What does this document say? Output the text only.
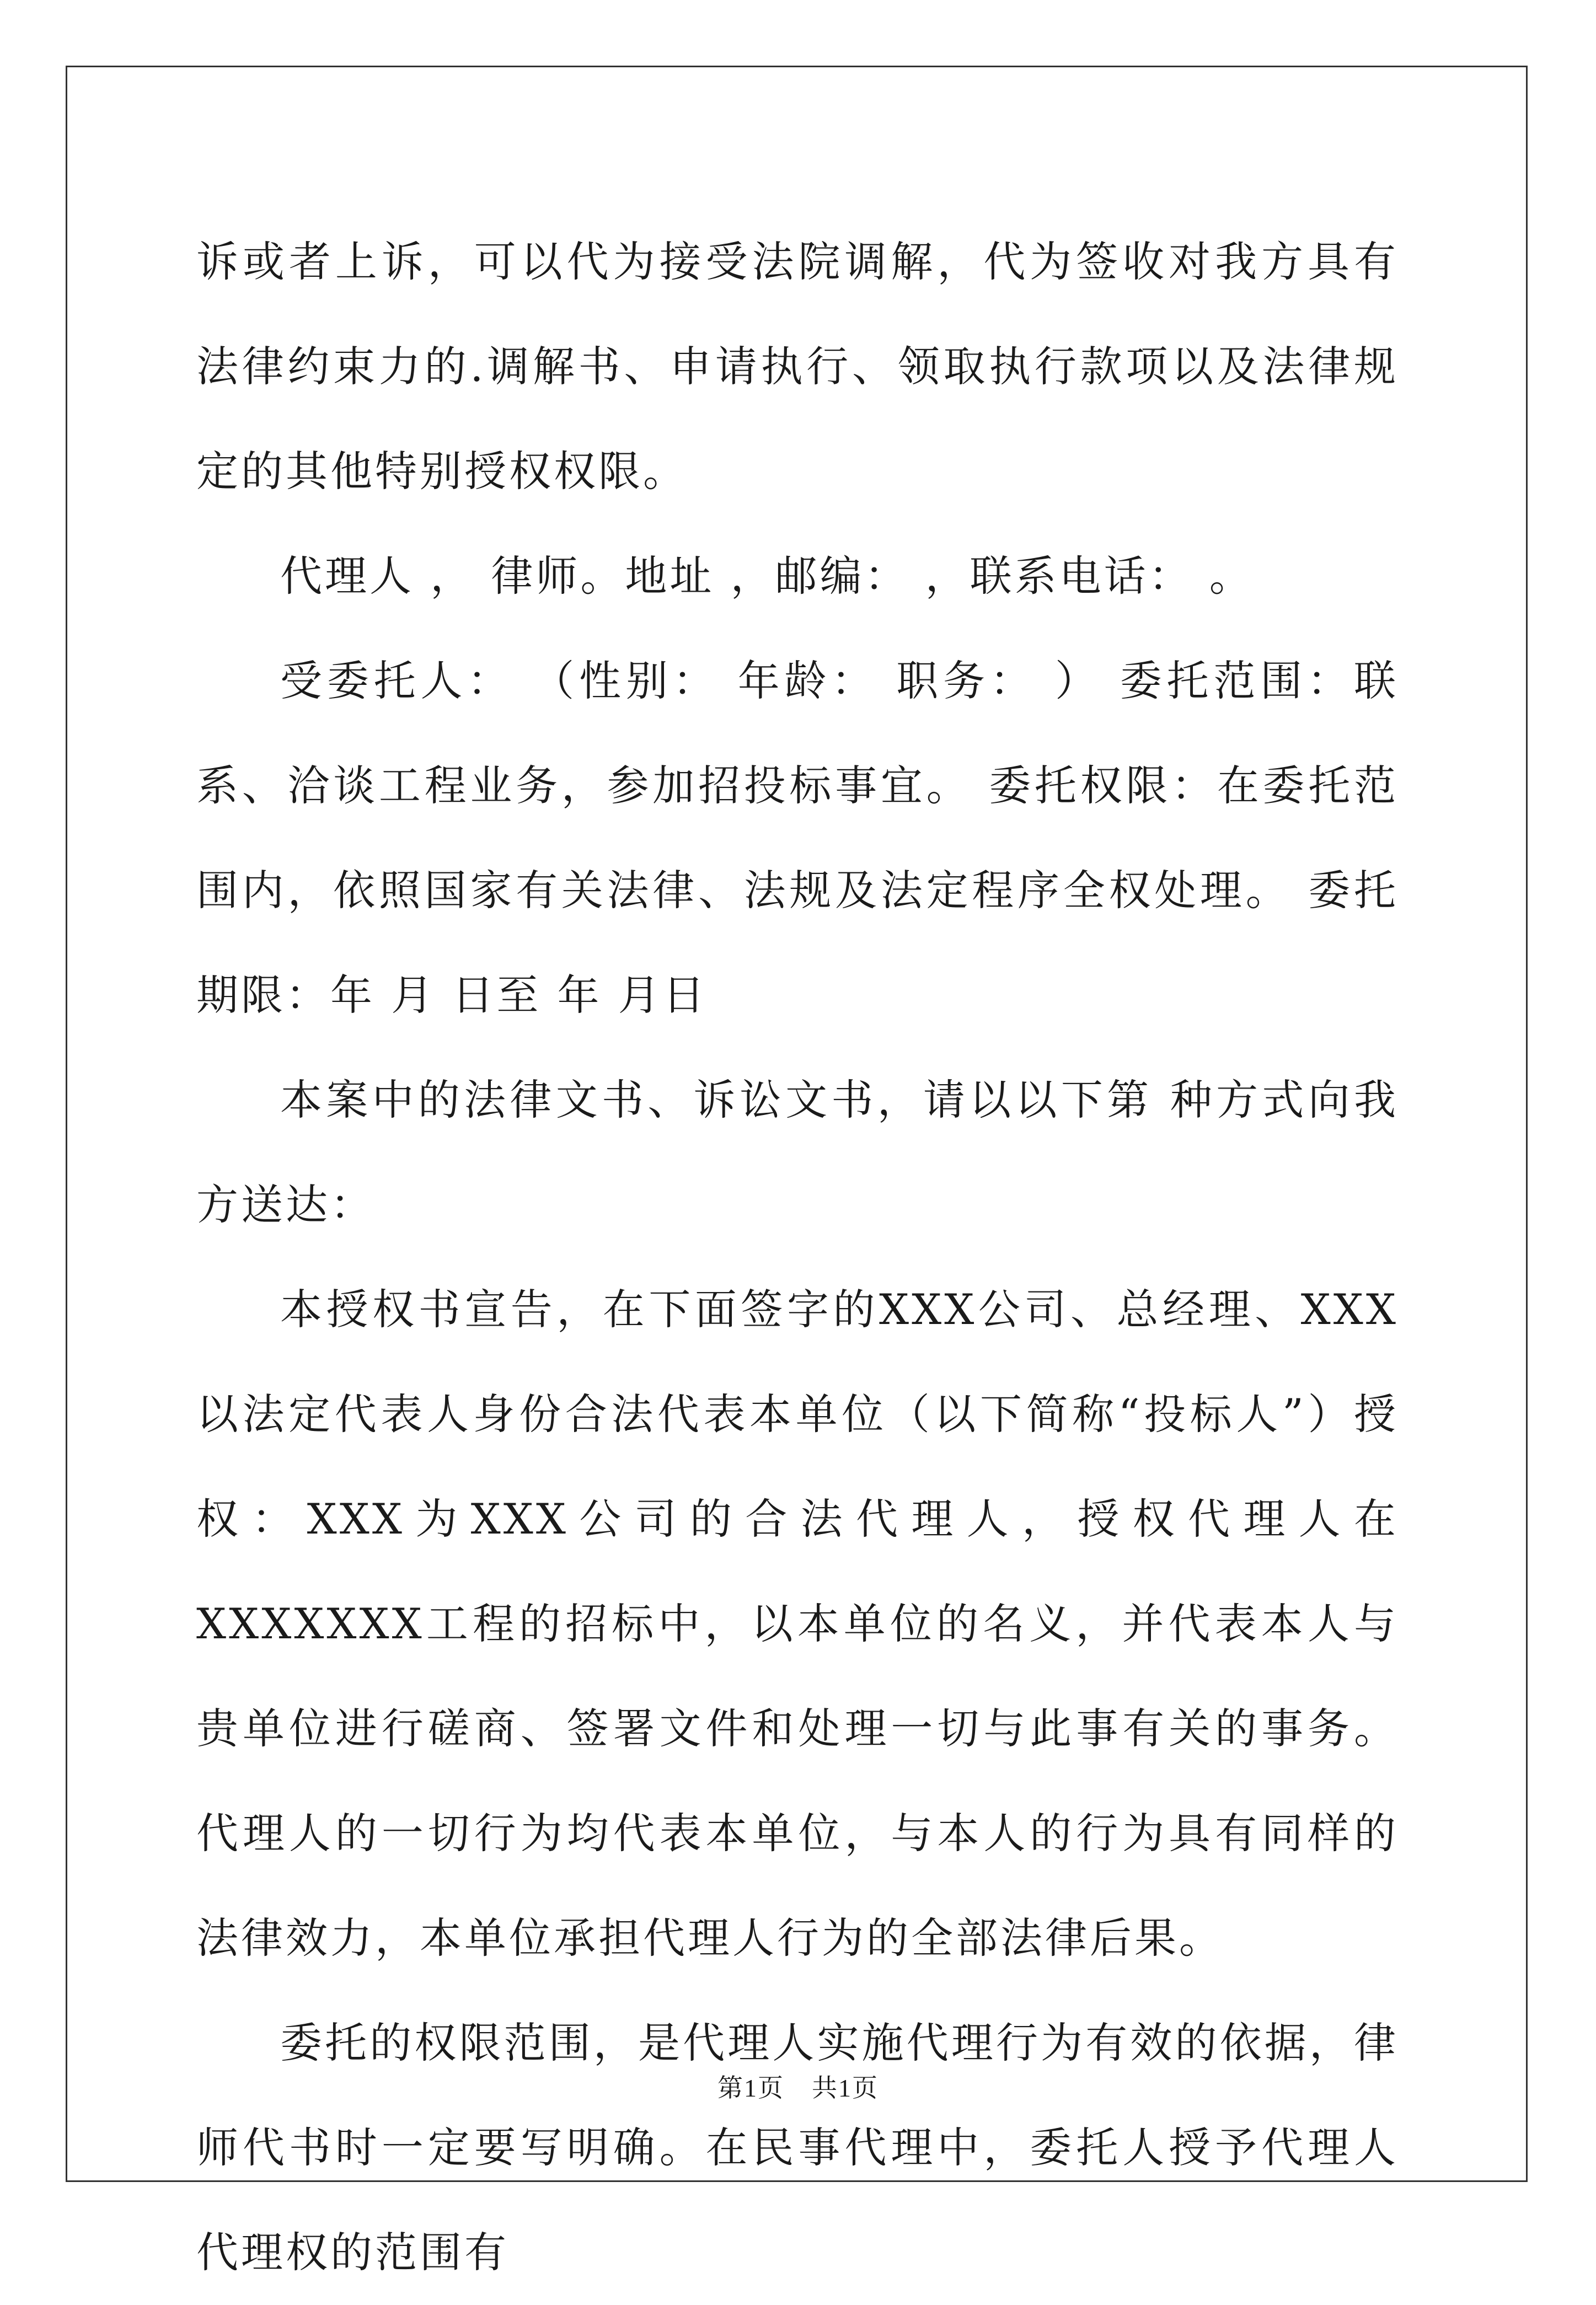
诉或者上诉，可以代为接受法院调解，代为签收对我方具有法律约束力的.调解书、申请执行、领取执行款项以及法律规定的其他特别授权权限。

代理人 ， 律师。地址 ，邮编： ，联系电话： 。

受委托人： （性别： 年龄： 职务： ） 委托范围：联系、洽谈工程业务，参加招投标事宜。 委托权限：在委托范围内，依照国家有关法律、法规及法定程序全权处理。 委托期限：年 月 日至 年 月日

本案中的法律文书、诉讼文书，请以以下第 种方式向我方送达：

本授权书宣告，在下面签字的XXX公司、总经理、XXX以法定代表人身份合法代表本单位（以下简称“投标人”）授权：XXX为XXX公司的合法代理人，授权代理人在XXXXXXX工程的招标中，以本单位的名义，并代表本人与贵单位进行磋商、签署文件和处理一切与此事有关的事务。代理人的一切行为均代表本单位，与本人的行为具有同样的法律效力，本单位承担代理人行为的全部法律后果。

委托的权限范围，是代理人实施代理行为有效的依据，律师代书时一定要写明确。在民事代理中，委托人授予代理人代理权的范围有

第1页 共1页
